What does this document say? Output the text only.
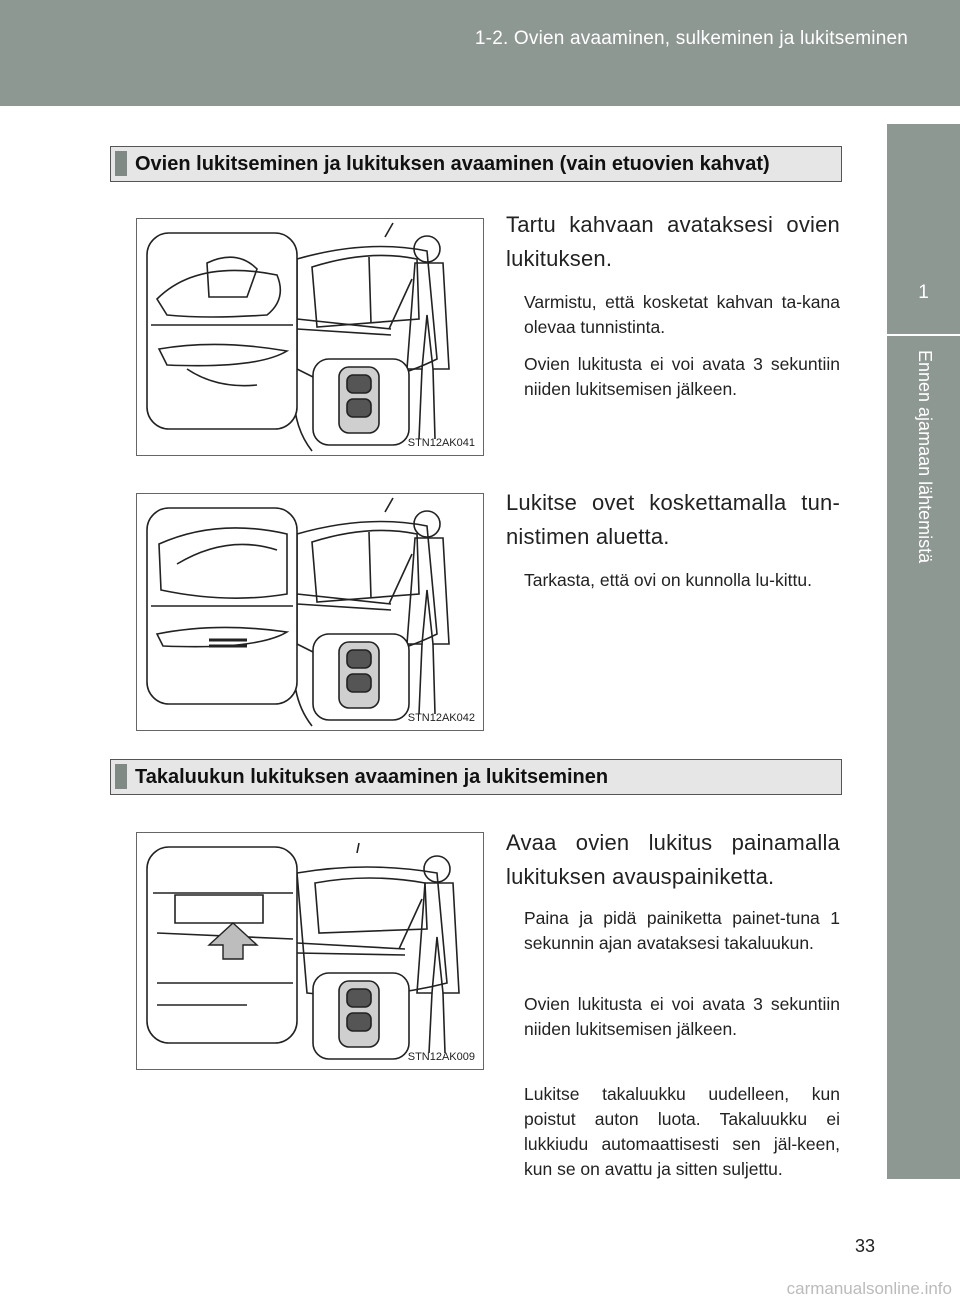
1-2. Ovien avaaminen, sulkeminen ja lukitseminen
1
Ennen ajamaan lähtemistä
Ovien lukitseminen ja lukituksen avaaminen (vain etuovien kahvat)
STN12AK041
Tartu kahvaan avataksesi ovien lukituksen.
Varmistu, että kosketat kahvan ta-kana olevaa tunnistinta.
Ovien lukitusta ei voi avata 3 sekuntiin niiden lukitsemisen jälkeen.
STN12AK042
Lukitse ovet koskettamalla tun-nistimen aluetta.
Tarkasta, että ovi on kunnolla lu-kittu.
Takaluukun lukituksen avaaminen ja lukitseminen
STN12AK009
Avaa ovien lukitus painamalla lukituksen avauspainiketta.
Paina ja pidä painiketta painet-tuna 1 sekunnin ajan avataksesi takaluukun.
Ovien lukitusta ei voi avata 3 sekuntiin niiden lukitsemisen jälkeen.
Lukitse takaluukku uudelleen, kun poistut auton luota. Takaluukku ei lukkiudu automaattisesti sen jäl-keen, kun se on avattu ja sitten suljettu.
33
carmanualsonline.info
